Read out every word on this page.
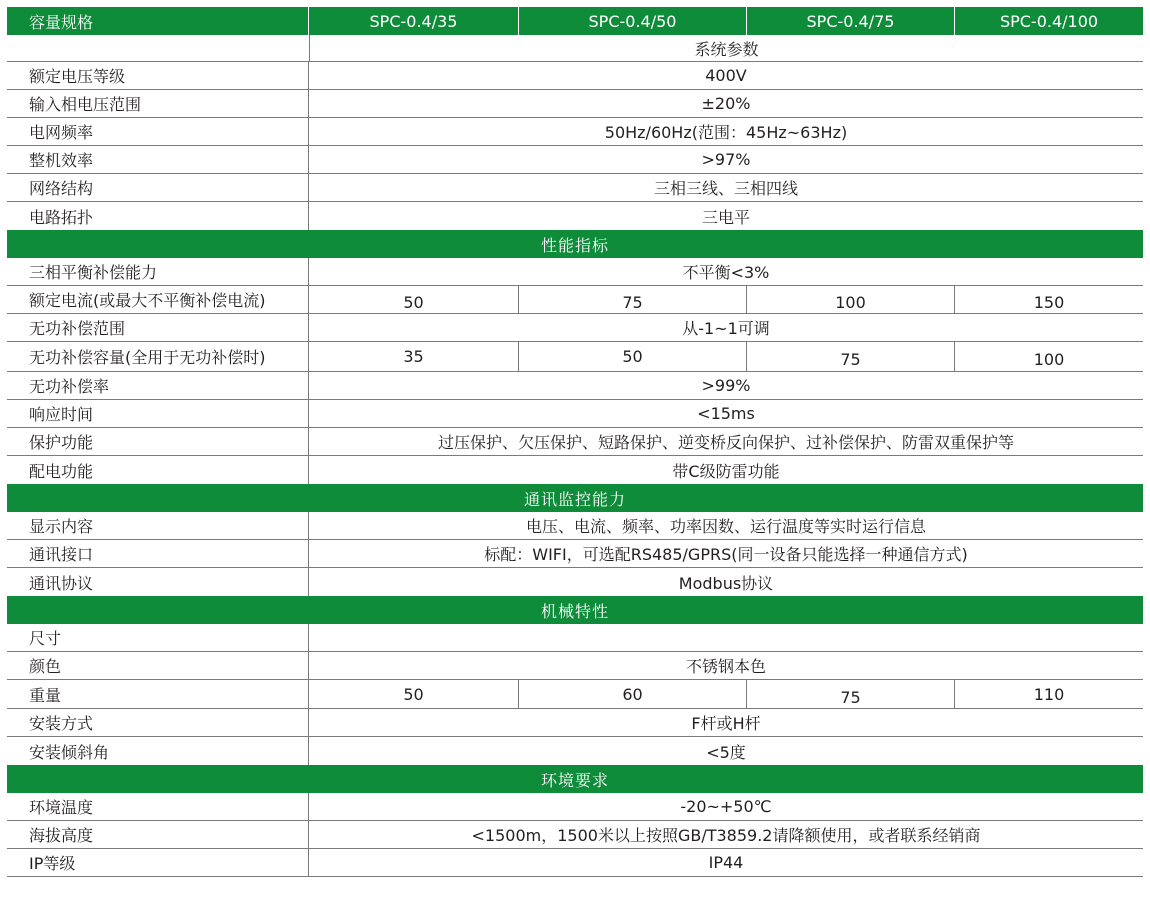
容量规格	SPC-0.4/35	SPC-0.4/50	SPC-0.4/75	SPC-0.4/100
系统参数
额定电压等级	400V
输入相电压范围	±20%
电网频率	50Hz/60Hz(范围：45Hz~63Hz)
整机效率	>97%
网络结构	三相三线、三相四线
电路拓扑	三电平
性能指标
三相平衡补偿能力	不平衡<3%
额定电流(或最大不平衡补偿电流)	50	75	100	150
无功补偿范围	从-1~1可调
无功补偿容量(全用于无功补偿时)	35	50	75	100
无功补偿率	>99%
响应时间	<15ms
保护功能	过压保护、欠压保护、短路保护、逆变桥反向保护、过补偿保护、防雷双重保护等
配电功能	带C级防雷功能
通讯监控能力
显示内容	电压、电流、频率、功率因数、运行温度等实时运行信息
通讯接口	标配：WIFI，可选配RS485/GPRS(同一设备只能选择一种通信方式)
通讯协议	Modbus协议
机械特性
尺寸
颜色	不锈钢本色
重量	50	60	75	110
安装方式	F杆或H杆
安装倾斜角	<5度
环境要求
环境温度	-20~+50℃
海拔高度	<1500m，1500米以上按照GB/T3859.2请降额使用，或者联系经销商
IP等级	IP44
